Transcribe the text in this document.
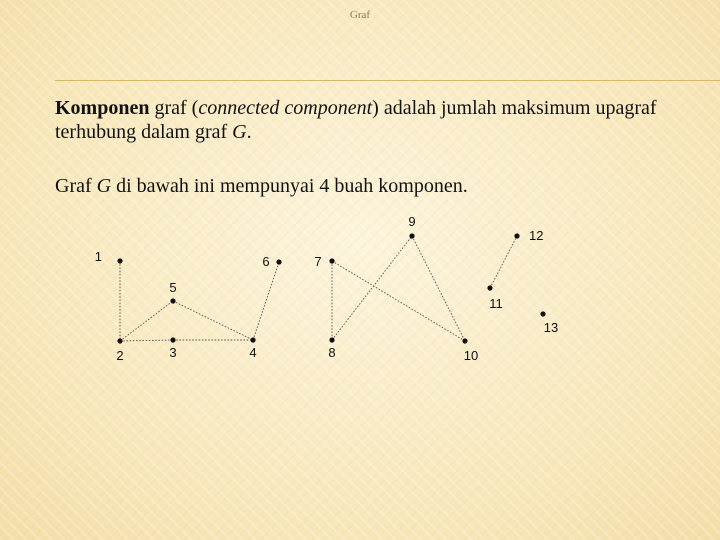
Graf

Komponen graf (connected component) adalah jumlah maksimum upagraf terhubung dalam graf G.

Graf G di bawah ini mempunyai 4 buah komponen.

1
2	3	4
5
6	7
8
9
10
11
12
13
